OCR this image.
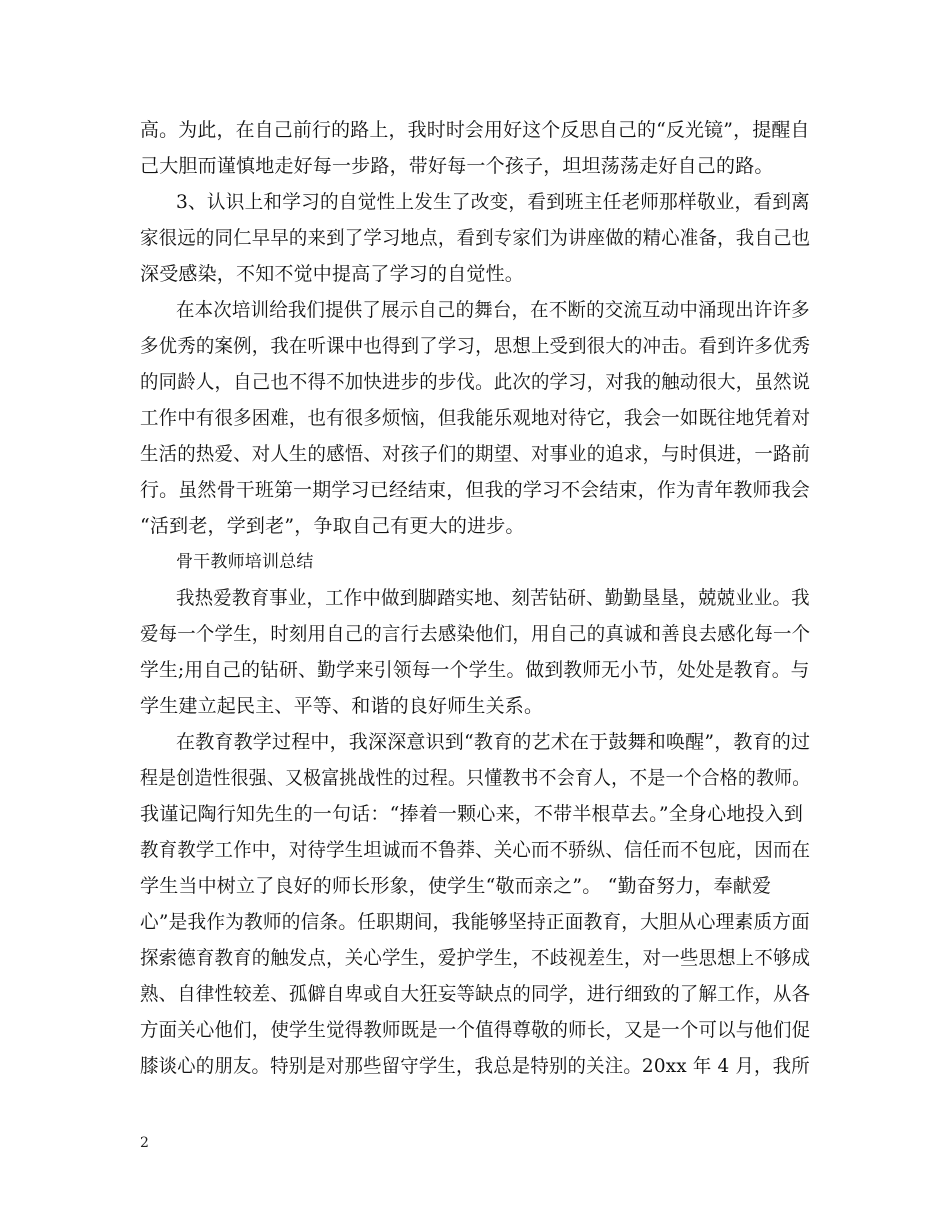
高。为此，在自己前行的路上，我时时会用好这个反思自己的“反光镜”，提醒自
己大胆而谨慎地走好每一步路，带好每一个孩子，坦坦荡荡走好自己的路。
3、认识上和学习的自觉性上发生了改变，看到班主任老师那样敬业，看到离
家很远的同仁早早的来到了学习地点，看到专家们为讲座做的精心准备，我自己也
深受感染，不知不觉中提高了学习的自觉性。
在本次培训给我们提供了展示自己的舞台，在不断的交流互动中涌现出许许多
多优秀的案例，我在听课中也得到了学习，思想上受到很大的冲击。看到许多优秀
的同龄人，自己也不得不加快进步的步伐。此次的学习，对我的触动很大，虽然说
工作中有很多困难，也有很多烦恼，但我能乐观地对待它，我会一如既往地凭着对
生活的热爱、对人生的感悟、对孩子们的期望、对事业的追求，与时俱进，一路前
行。虽然骨干班第一期学习已经结束，但我的学习不会结束，作为青年教师我会
“活到老，学到老”，争取自己有更大的进步。
骨干教师培训总结
我热爱教育事业，工作中做到脚踏实地、刻苦钻研、勤勤垦垦，兢兢业业。我
爱每一个学生，时刻用自己的言行去感染他们，用自己的真诚和善良去感化每一个
学生;用自己的钻研、勤学来引领每一个学生。做到教师无小节，处处是教育。与
学生建立起民主、平等、和谐的良好师生关系。
在教育教学过程中，我深深意识到“教育的艺术在于鼓舞和唤醒”，教育的过
程是创造性很强、又极富挑战性的过程。只懂教书不会育人，不是一个合格的教师。
我谨记陶行知先生的一句话：“捧着一颗心来，不带半根草去。”全身心地投入到
教育教学工作中，对待学生坦诚而不鲁莽、关心而不骄纵、信任而不包庇，因而在
学生当中树立了良好的师长形象，使学生“敬而亲之”。 “勤奋努力，奉献爱
心”是我作为教师的信条。任职期间，我能够坚持正面教育，大胆从心理素质方面
探索德育教育的触发点，关心学生，爱护学生，不歧视差生，对一些思想上不够成
熟、自律性较差、孤僻自卑或自大狂妄等缺点的同学，进行细致的了解工作，从各
方面关心他们，使学生觉得教师既是一个值得尊敬的师长，又是一个可以与他们促
膝谈心的朋友。特别是对那些留守学生，我总是特别的关注。20xx 年 4 月，我所
2
